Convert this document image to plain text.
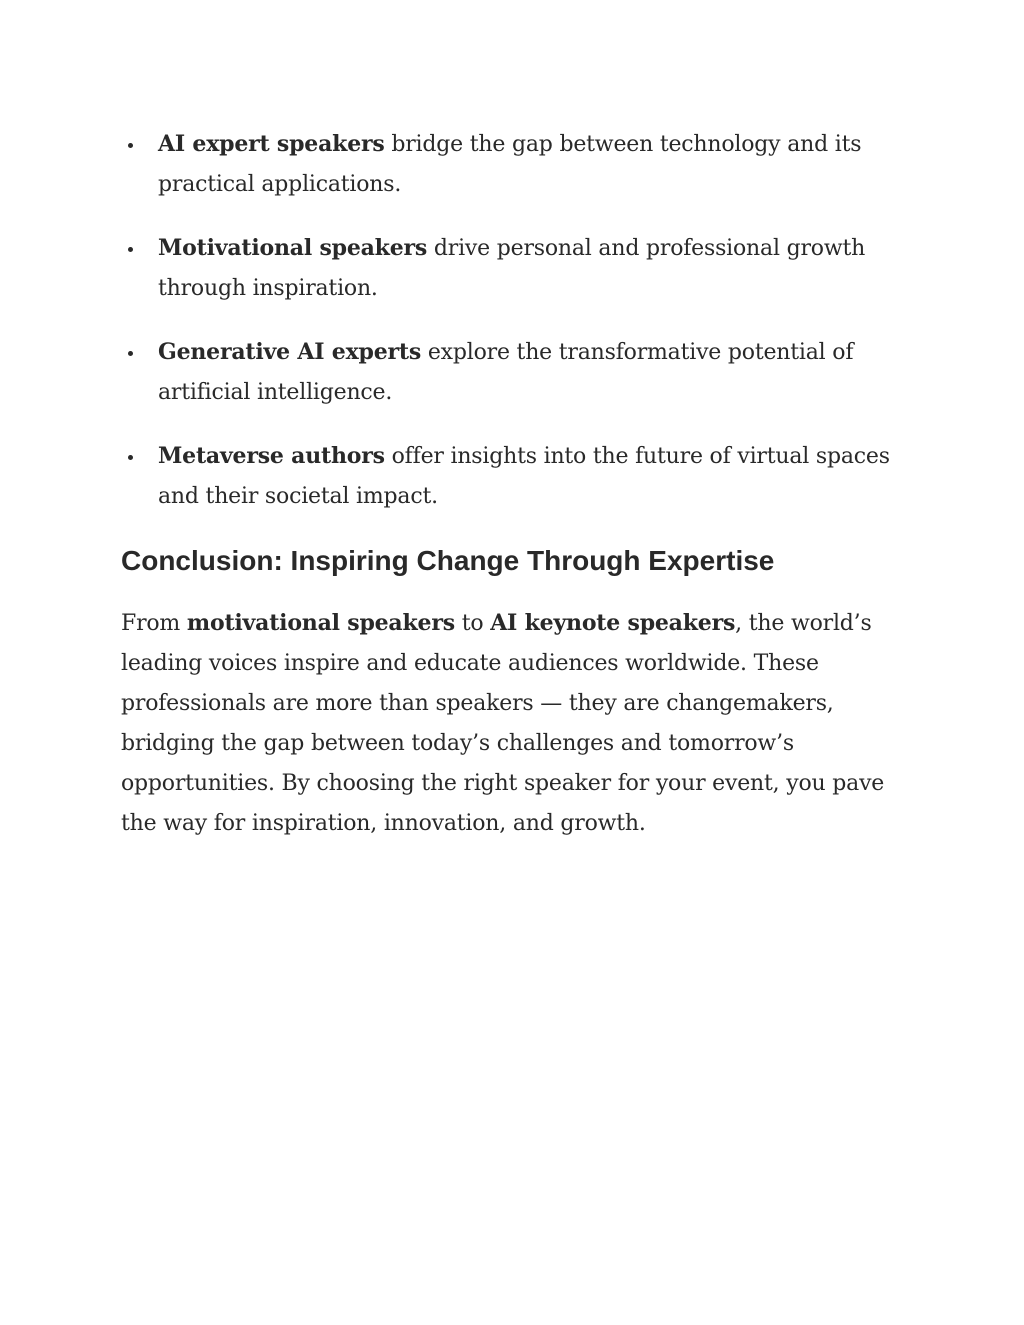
AI expert speakers bridge the gap between technology and its practical applications.
Motivational speakers drive personal and professional growth through inspiration.
Generative AI experts explore the transformative potential of artificial intelligence.
Metaverse authors offer insights into the future of virtual spaces and their societal impact.
Conclusion: Inspiring Change Through Expertise

From motivational speakers to AI keynote speakers, the world’s leading voices inspire and educate audiences worldwide. These professionals are more than speakers — they are changemakers, bridging the gap between today’s challenges and tomorrow’s opportunities. By choosing the right speaker for your event, you pave the way for inspiration, innovation, and growth.
